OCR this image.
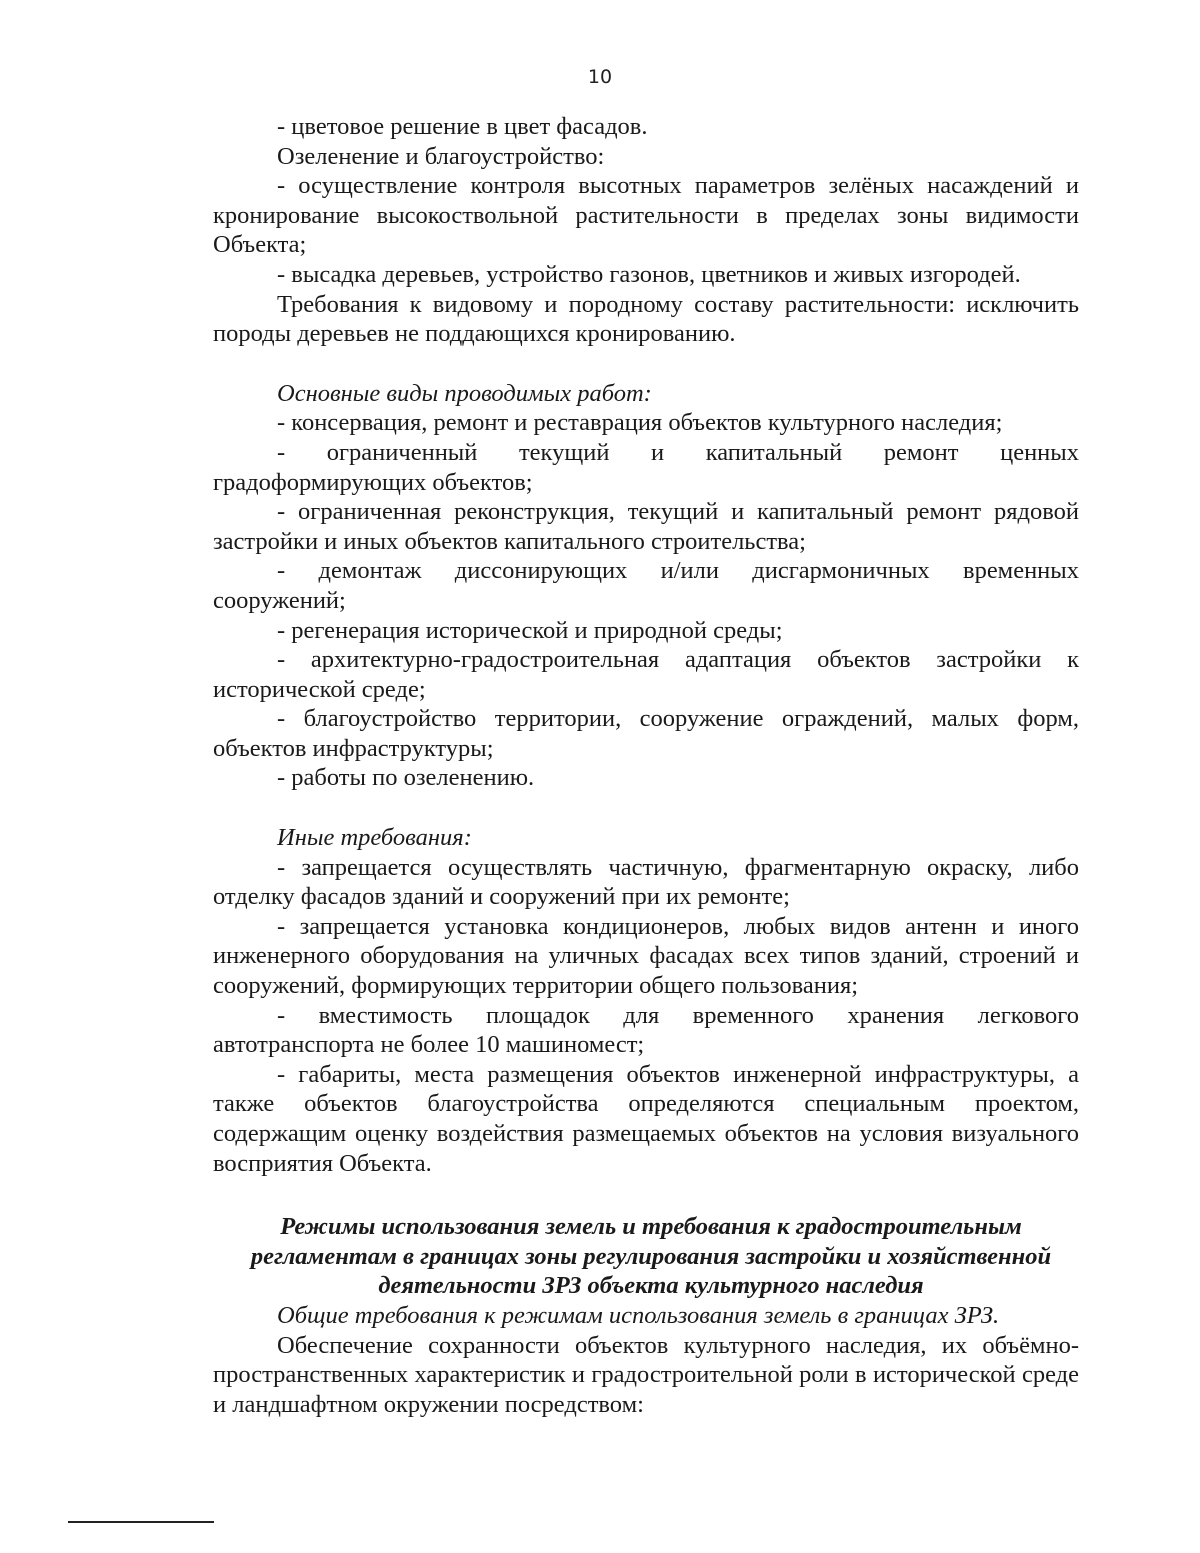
10

- цветовое решение в цвет фасадов.

Озеленение и благоустройство:

- осуществление контроля высотных параметров зелёных насаждений и кронирование высокоствольной растительности в пределах зоны видимости Объекта;

- высадка деревьев, устройство газонов, цветников и живых изгородей.

Требования к видовому и породному составу растительности: исключить породы деревьев не поддающихся кронированию.

Основные виды проводимых работ:

- консервация, ремонт и реставрация объектов культурного наследия;

- ограниченный текущий и капитальный ремонт ценных градоформирующих объектов;

- ограниченная реконструкция, текущий и капитальный ремонт рядовой застройки и иных объектов капитального строительства;

- демонтаж диссонирующих и/или дисгармоничных временных сооружений;

- регенерация исторической и природной среды;

- архитектурно-градостроительная адаптация объектов застройки к исторической среде;

- благоустройство территории, сооружение ограждений, малых форм, объектов инфраструктуры;

- работы по озеленению.

Иные требования:

- запрещается осуществлять частичную, фрагментарную окраску, либо отделку фасадов зданий и сооружений при их ремонте;

- запрещается установка кондиционеров, любых видов антенн и иного инженерного оборудования на уличных фасадах всех типов зданий, строений и сооружений, формирующих территории общего пользования;

- вместимость площадок для временного хранения легкового автотранспорта не более 10 машиномест;

- габариты, места размещения объектов инженерной инфраструктуры, а также объектов благоустройства определяются специальным проектом, содержащим оценку воздействия размещаемых объектов на условия визуального восприятия Объекта.

Режимы использования земель и требования к градостроительным

регламентам в границах зоны регулирования застройки и хозяйственной

деятельности ЗРЗ объекта культурного наследия

Общие требования к режимам использования земель в границах ЗРЗ.

Обеспечение сохранности объектов культурного наследия, их объёмно-пространственных характеристик и градостроительной роли в исторической среде и ландшафтном окружении посредством:
